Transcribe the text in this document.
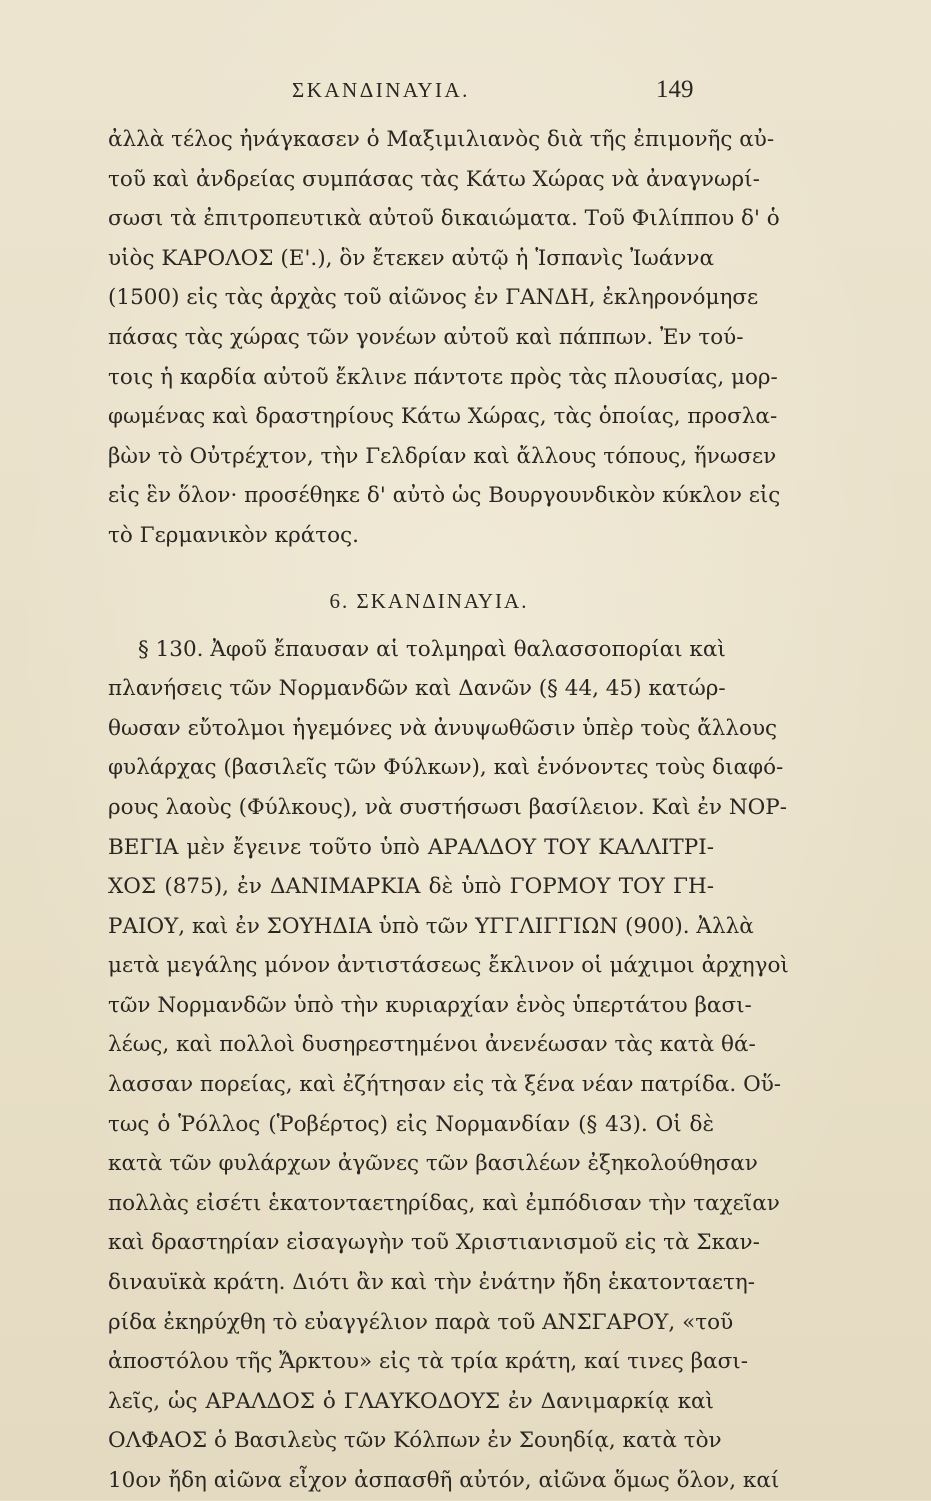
ΣΚΑΝΔΙΝΑΥΙΑ.	149
ἀλλὰ τέλος ἠνάγκασεν ὁ Μαξιμιλιανὸς διὰ τῆς ἐπιμονῆς αὐ-
τοῦ καὶ ἀνδρείας συμπάσας τὰς Κάτω Χώρας νὰ ἀναγνωρί-
σωσι τὰ ἐπιτροπευτικὰ αὐτοῦ δικαιώματα. Τοῦ Φιλίππου δ' ὁ
υἱὸς ΚΑΡΟΛΟΣ (Ε'.), ὃν ἔτεκεν αὐτῷ ἡ Ἱσπανὶς Ἰωάννα
(1500) εἰς τὰς ἀρχὰς τοῦ αἰῶνος ἐν ΓΑΝΔΗ, ἐκληρονόμησε
πάσας τὰς χώρας τῶν γονέων αὐτοῦ καὶ πάππων. Ἐν τού-
τοις ἡ καρδία αὐτοῦ ἔκλινε πάντοτε πρὸς τὰς πλουσίας, μορ-
φωμένας καὶ δραστηρίους Κάτω Χώρας, τὰς ὁποίας, προσλα-
βὼν τὸ Οὐτρέχτον, τὴν Γελδρίαν καὶ ἄλλους τόπους, ἥνωσεν
εἰς ἓν ὅλον· προσέθηκε δ' αὐτὸ ὡς Βουργουνδικὸν κύκλον εἰς
τὸ Γερμανικὸν κράτος.
6. ΣΚΑΝΔΙΝΑΥΙΑ.
§ 130. Ἀφοῦ ἔπαυσαν αἱ τολμηραὶ θαλασσοπορίαι καὶ
πλανήσεις τῶν Νορμανδῶν καὶ Δανῶν (§ 44, 45) κατώρ-
θωσαν εὔτολμοι ἡγεμόνες νὰ ἀνυψωθῶσιν ὑπὲρ τοὺς ἄλλους
φυλάρχας (βασιλεῖς τῶν Φύλκων), καὶ ἑνόνοντες τοὺς διαφό-
ρους λαοὺς (Φύλκους), νὰ συστήσωσι βασίλειον. Καὶ ἐν ΝΟΡ-
ΒΕΓΙΑ μὲν ἔγεινε τοῦτο ὑπὸ ΑΡΑΛΔΟΥ ΤΟΥ ΚΑΛΛΙΤΡΙ-
ΧΟΣ (875), ἐν ΔΑΝΙΜΑΡΚΙΑ δὲ ὑπὸ ΓΟΡΜΟΥ ΤΟΥ ΓΗ-
ΡΑΙΟΥ, καὶ ἐν ΣΟΥΗΔΙΑ ὑπὸ τῶν ΥΓΓΛΙΓΓΙΩΝ (900). Ἀλλὰ
μετὰ μεγάλης μόνον ἀντιστάσεως ἔκλινον οἱ μάχιμοι ἀρχηγοὶ
τῶν Νορμανδῶν ὑπὸ τὴν κυριαρχίαν ἑνὸς ὑπερτάτου βασι-
λέως, καὶ πολλοὶ δυσηρεστημένοι ἀνενέωσαν τὰς κατὰ θά-
λασσαν πορείας, καὶ ἐζήτησαν εἰς τὰ ξένα νέαν πατρίδα. Οὕ-
τως ὁ Ῥόλλος (Ῥοβέρτος) εἰς Νορμανδίαν (§ 43). Οἱ δὲ
κατὰ τῶν φυλάρχων ἀγῶνες τῶν βασιλέων ἐξηκολούθησαν
πολλὰς εἰσέτι ἑκατονταετηρίδας, καὶ ἐμπόδισαν τὴν ταχεῖαν
καὶ δραστηρίαν εἰσαγωγὴν τοῦ Χριστιανισμοῦ εἰς τὰ Σκαν-
διναυϊκὰ κράτη. Διότι ἂν καὶ τὴν ἐνάτην ἤδη ἑκατονταετη-
ρίδα ἐκηρύχθη τὸ εὐαγγέλιον παρὰ τοῦ ΑΝΣΓΑΡΟΥ, «τοῦ
ἀποστόλου τῆς Ἄρκτου» εἰς τὰ τρία κράτη, καί τινες βασι-
λεῖς, ὡς ΑΡΑΛΔΟΣ ὁ ΓΛΑΥΚΟΔΟΥΣ ἐν Δανιμαρκίᾳ καὶ
ΟΛΦΑΟΣ ὁ Βασιλεὺς τῶν Κόλπων ἐν Σουηδίᾳ, κατὰ τὸν
10ον ἤδη αἰῶνα εἶχον ἀσπασθῆ αὐτόν, αἰῶνα ὅμως ὅλον, καί
